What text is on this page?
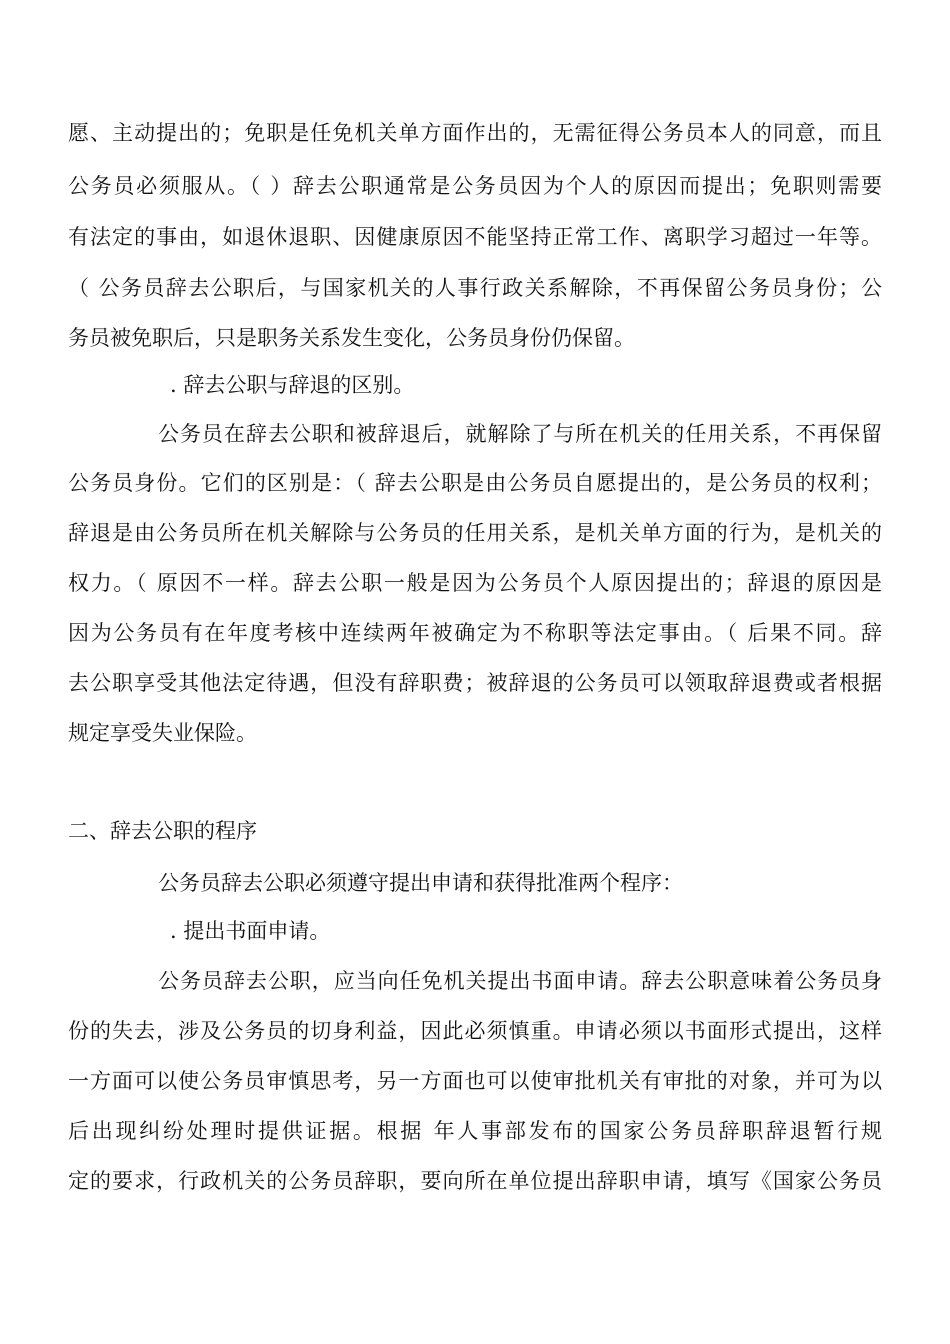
愿、主动提出的；免职是任免机关单方面作出的，无需征得公务员本人的同意，而且
公务员必须服从。（ ）辞去公职通常是公务员因为个人的原因而提出；免职则需要
有法定的事由，如退休退职、因健康原因不能坚持正常工作、离职学习超过一年等。
（ 公务员辞去公职后，与国家机关的人事行政关系解除，不再保留公务员身份；公
务员被免职后，只是职务关系发生变化，公务员身份仍保留。
. 辞去公职与辞退的区别。
公务员在辞去公职和被辞退后，就解除了与所在机关的任用关系，不再保留
公务员身份。它们的区别是：（ 辞去公职是由公务员自愿提出的，是公务员的权利；
辞退是由公务员所在机关解除与公务员的任用关系，是机关单方面的行为，是机关的
权力。（ 原因不一样。辞去公职一般是因为公务员个人原因提出的；辞退的原因是
因为公务员有在年度考核中连续两年被确定为不称职等法定事由。（ 后果不同。辞
去公职享受其他法定待遇，但没有辞职费；被辞退的公务员可以领取辞退费或者根据
规定享受失业保险。
二、辞去公职的程序
公务员辞去公职必须遵守提出申请和获得批准两个程序：
. 提出书面申请。
公务员辞去公职，应当向任免机关提出书面申请。辞去公职意味着公务员身
份的失去，涉及公务员的切身利益，因此必须慎重。申请必须以书面形式提出，这样
一方面可以使公务员审慎思考，另一方面也可以使审批机关有审批的对象，并可为以
后出现纠纷处理时提供证据。根据 年人事部发布的国家公务员辞职辞退暂行规
定的要求，行政机关的公务员辞职，要向所在单位提出辞职申请，填写《国家公务员
